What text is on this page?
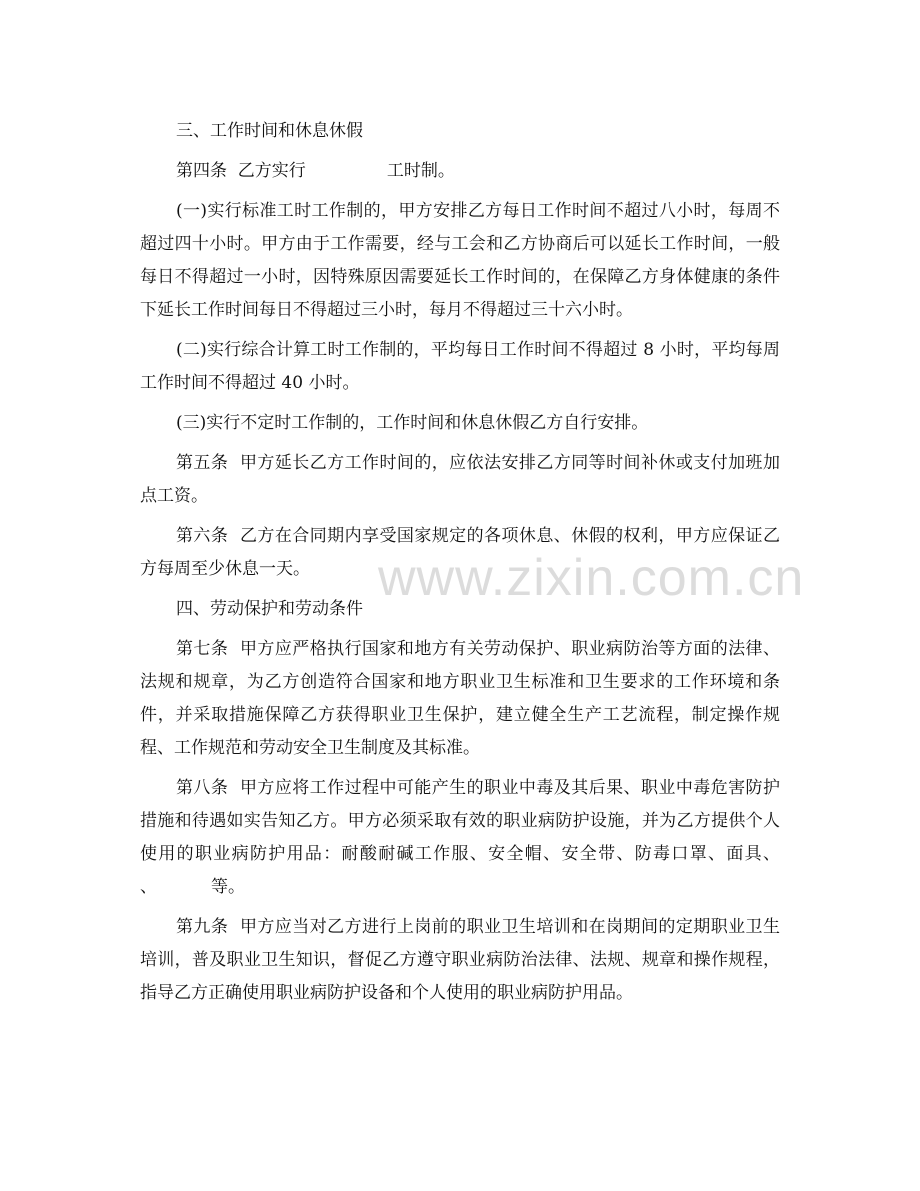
www.zixin.com.cn

三、工作时间和休息休假

第四条  乙方实行               工时制。

(一)实行标准工时工作制的，甲方安排乙方每日工作时间不超过八小时，每周不超过四十小时。甲方由于工作需要，经与工会和乙方协商后可以延长工作时间，一般每日不得超过一小时，因特殊原因需要延长工作时间的，在保障乙方身体健康的条件下延长工作时间每日不得超过三小时，每月不得超过三十六小时。

(二)实行综合计算工时工作制的，平均每日工作时间不得超过 8 小时，平均每周工作时间不得超过 40 小时。

(三)实行不定时工作制的，工作时间和休息休假乙方自行安排。

第五条  甲方延长乙方工作时间的，应依法安排乙方同等时间补休或支付加班加点工资。

第六条  乙方在合同期内享受国家规定的各项休息、休假的权利，甲方应保证乙方每周至少休息一天。

四、劳动保护和劳动条件

第七条  甲方应严格执行国家和地方有关劳动保护、职业病防治等方面的法律、法规和规章，为乙方创造符合国家和地方职业卫生标准和卫生要求的工作环境和条件，并采取措施保障乙方获得职业卫生保护，建立健全生产工艺流程，制定操作规程、工作规范和劳动安全卫生制度及其标准。

第八条  甲方应将工作过程中可能产生的职业中毒及其后果、职业中毒危害防护措施和待遇如实告知乙方。甲方必须采取有效的职业病防护设施，并为乙方提供个人使用的职业病防护用品：耐酸耐碱工作服、安全帽、安全带、防毒口罩、面具、          、          等。

第九条  甲方应当对乙方进行上岗前的职业卫生培训和在岗期间的定期职业卫生培训，普及职业卫生知识，督促乙方遵守职业病防治法律、法规、规章和操作规程，指导乙方正确使用职业病防护设备和个人使用的职业病防护用品。
